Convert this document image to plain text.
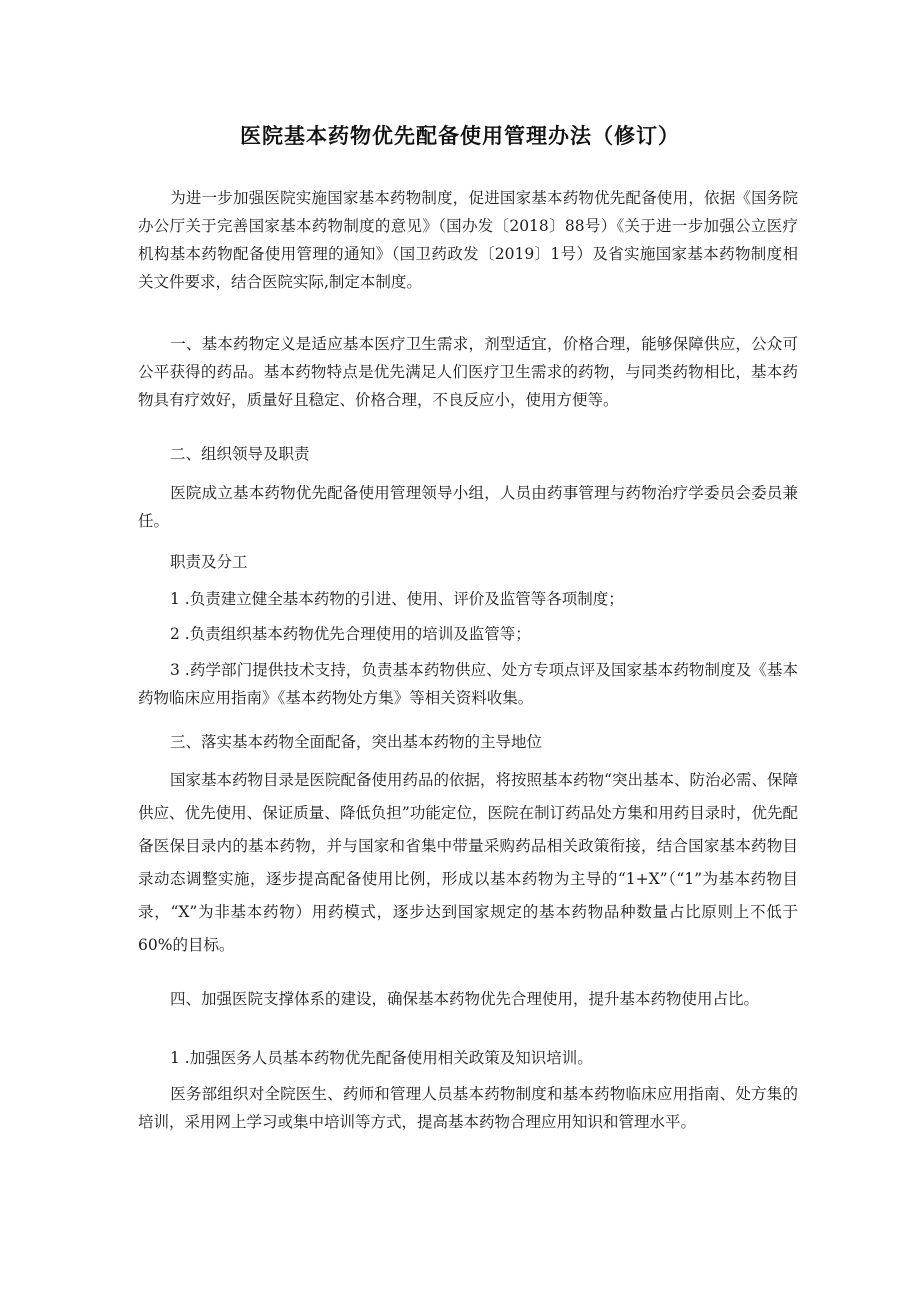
医院基本药物优先配备使用管理办法（修订）
为进一步加强医院实施国家基本药物制度，促进国家基本药物优先配备使用，依据《国务院办公厅关于完善国家基本药物制度的意见》（国办发〔2018〕88号）《关于进一步加强公立医疗机构基本药物配备使用管理的通知》（国卫药政发〔2019〕1号）及省实施国家基本药物制度相关文件要求，结合医院实际,制定本制度。
一、基本药物定义是适应基本医疗卫生需求，剂型适宜，价格合理，能够保障供应，公众可公平获得的药品。基本药物特点是优先满足人们医疗卫生需求的药物，与同类药物相比，基本药物具有疗效好，质量好且稳定、价格合理，不良反应小，使用方便等。
二、组织领导及职责
医院成立基本药物优先配备使用管理领导小组，人员由药事管理与药物治疗学委员会委员兼任。
职责及分工
1 .负责建立健全基本药物的引进、使用、评价及监管等各项制度；
2 .负责组织基本药物优先合理使用的培训及监管等；
3 .药学部门提供技术支持，负责基本药物供应、处方专项点评及国家基本药物制度及《基本药物临床应用指南》《基本药物处方集》等相关资料收集。
三、落实基本药物全面配备，突出基本药物的主导地位
国家基本药物目录是医院配备使用药品的依据，将按照基本药物“突出基本、防治必需、保障供应、优先使用、保证质量、降低负担”功能定位，医院在制订药品处方集和用药目录时，优先配备医保目录内的基本药物，并与国家和省集中带量采购药品相关政策衔接，结合国家基本药物目录动态调整实施，逐步提高配备使用比例，形成以基本药物为主导的“1+X”（“1”为基本药物目录，“X”为非基本药物）用药模式，逐步达到国家规定的基本药物品种数量占比原则上不低于60%的目标。
四、加强医院支撑体系的建设，确保基本药物优先合理使用，提升基本药物使用占比。
1 .加强医务人员基本药物优先配备使用相关政策及知识培训。
医务部组织对全院医生、药师和管理人员基本药物制度和基本药物临床应用指南、处方集的培训，采用网上学习或集中培训等方式，提高基本药物合理应用知识和管理水平。
